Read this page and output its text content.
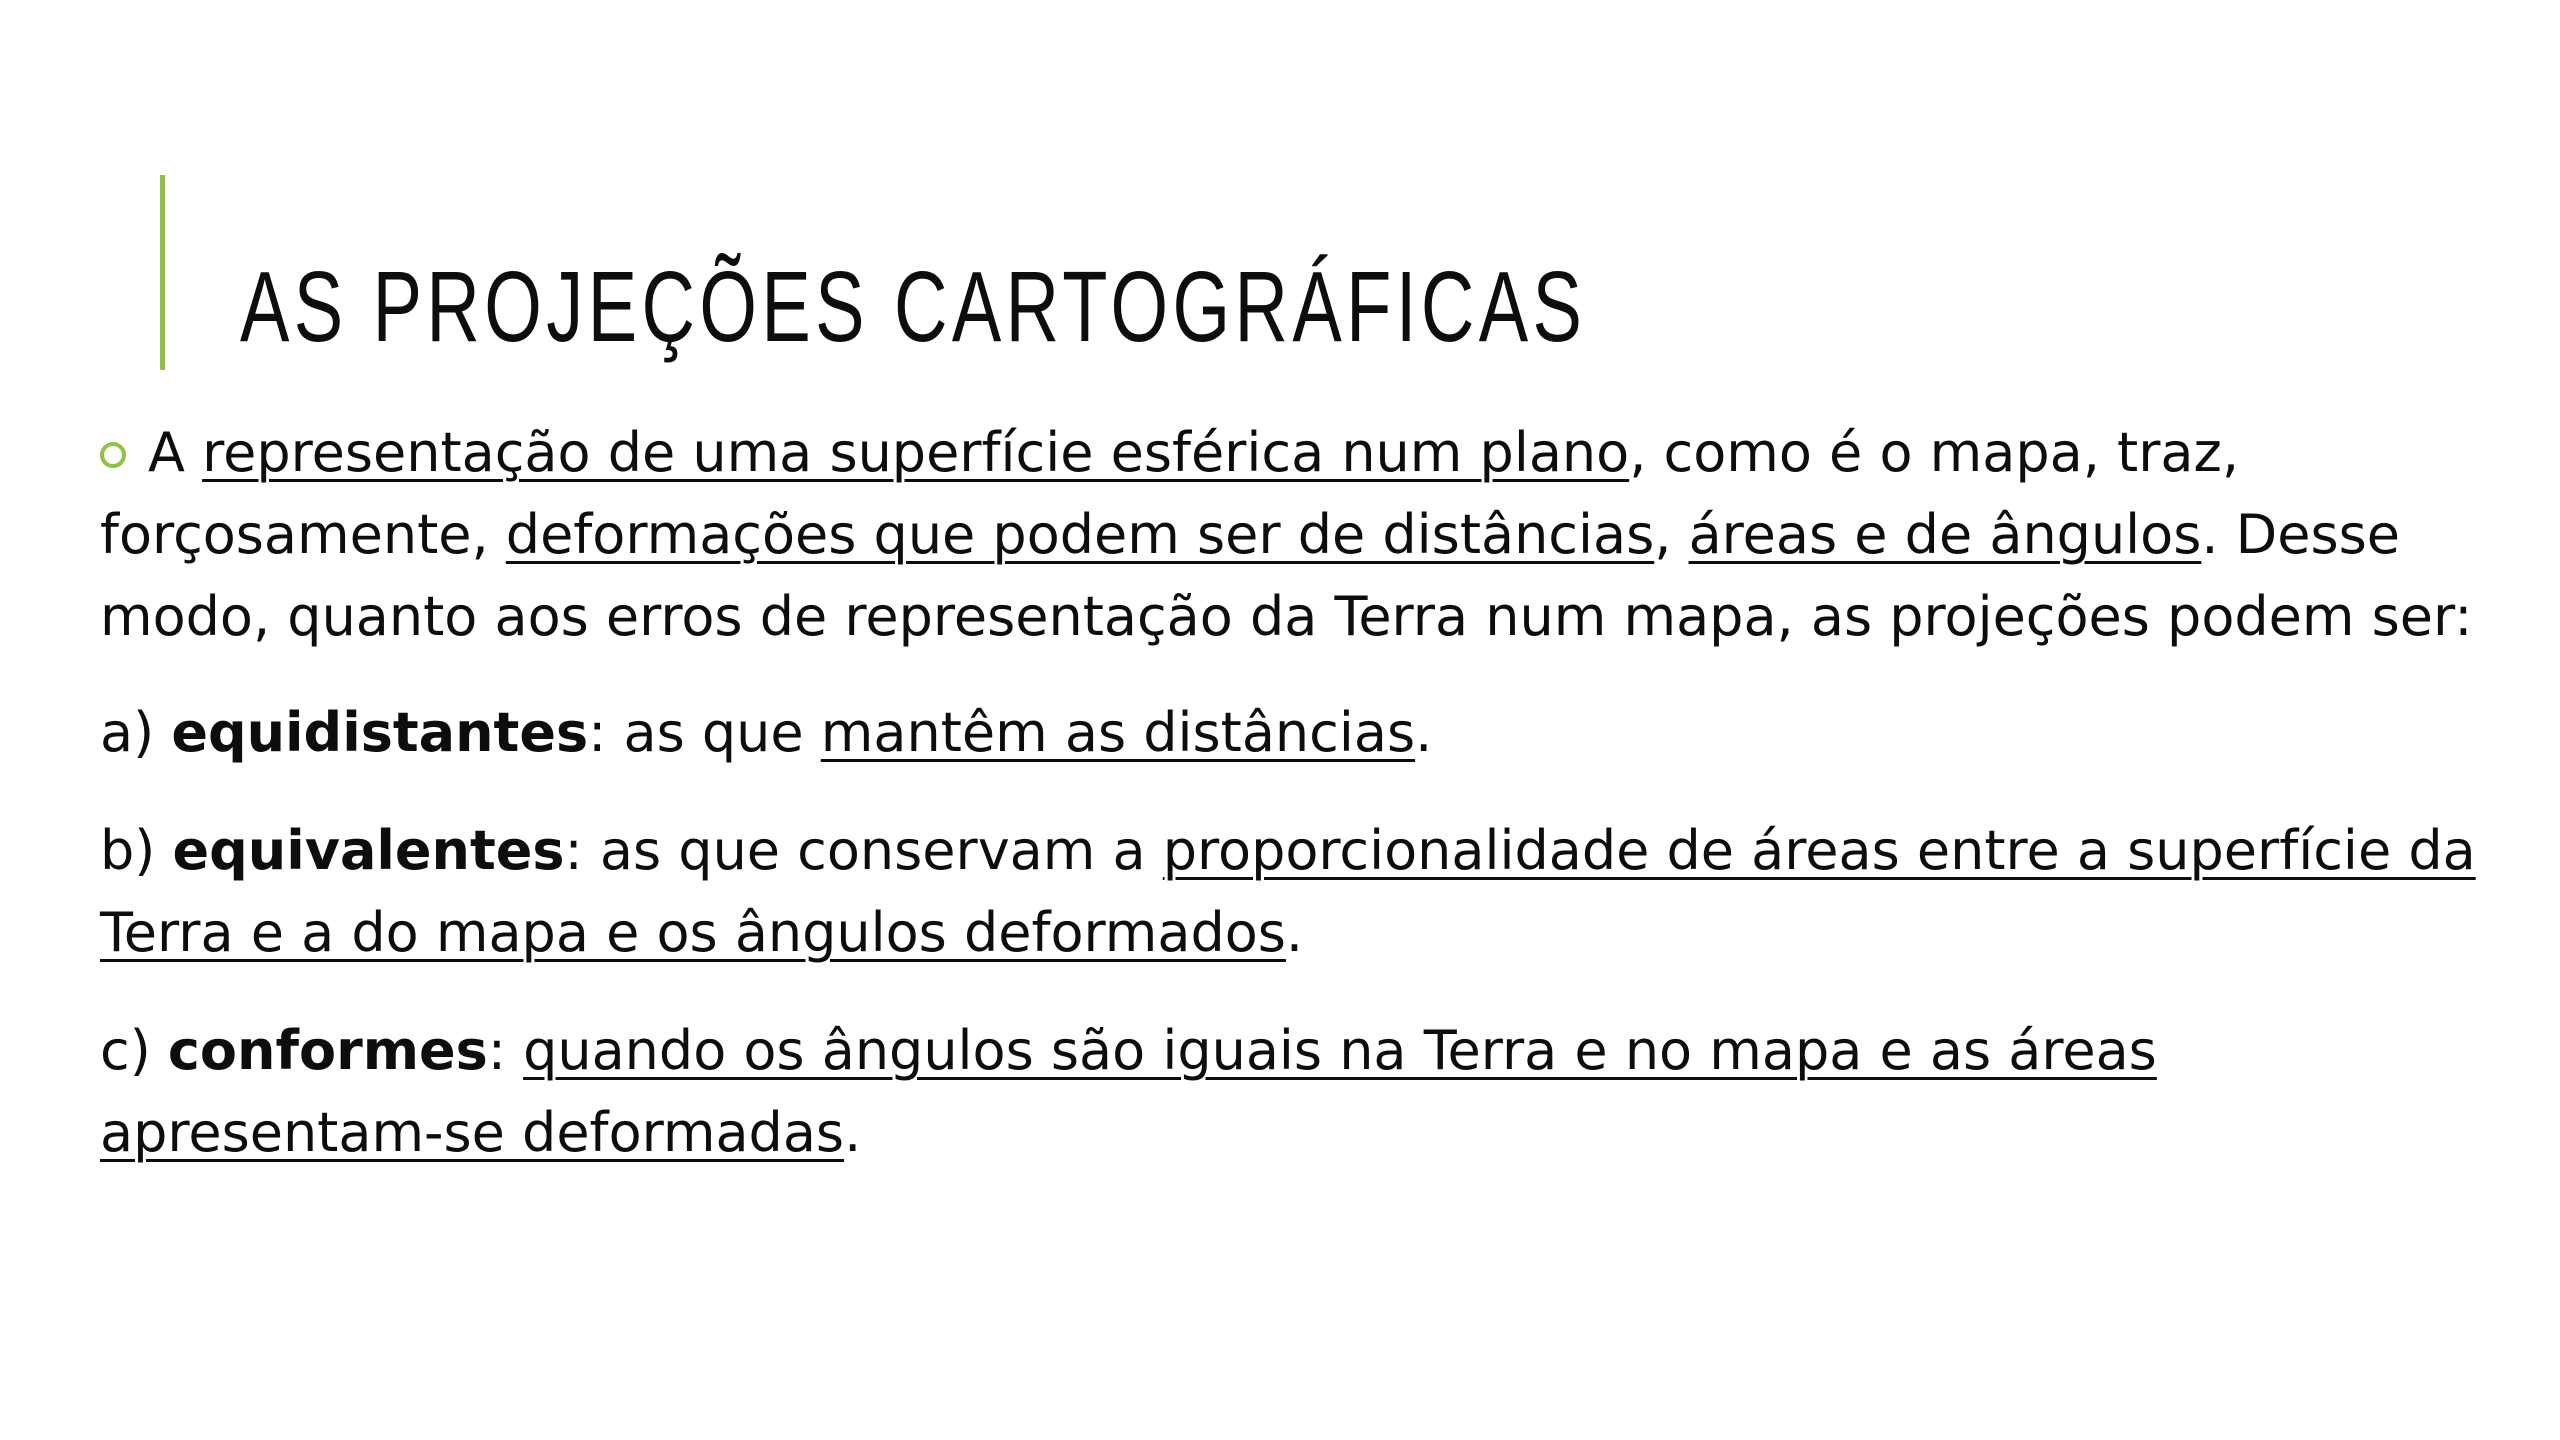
AS PROJEÇÕES CARTOGRÁFICAS

A representação de uma superfície esférica num plano, como é o mapa, traz, forçosamente, deformações que podem ser de distâncias, áreas e de ângulos. Desse modo, quanto aos erros de representação da Terra num mapa, as projeções podem ser:

a) equidistantes: as que mantêm as distâncias.

b) equivalentes: as que conservam a proporcionalidade de áreas entre a superfície da Terra e a do mapa e os ângulos deformados.

c) conformes: quando os ângulos são iguais na Terra e no mapa e as áreas apresentam-se deformadas.
